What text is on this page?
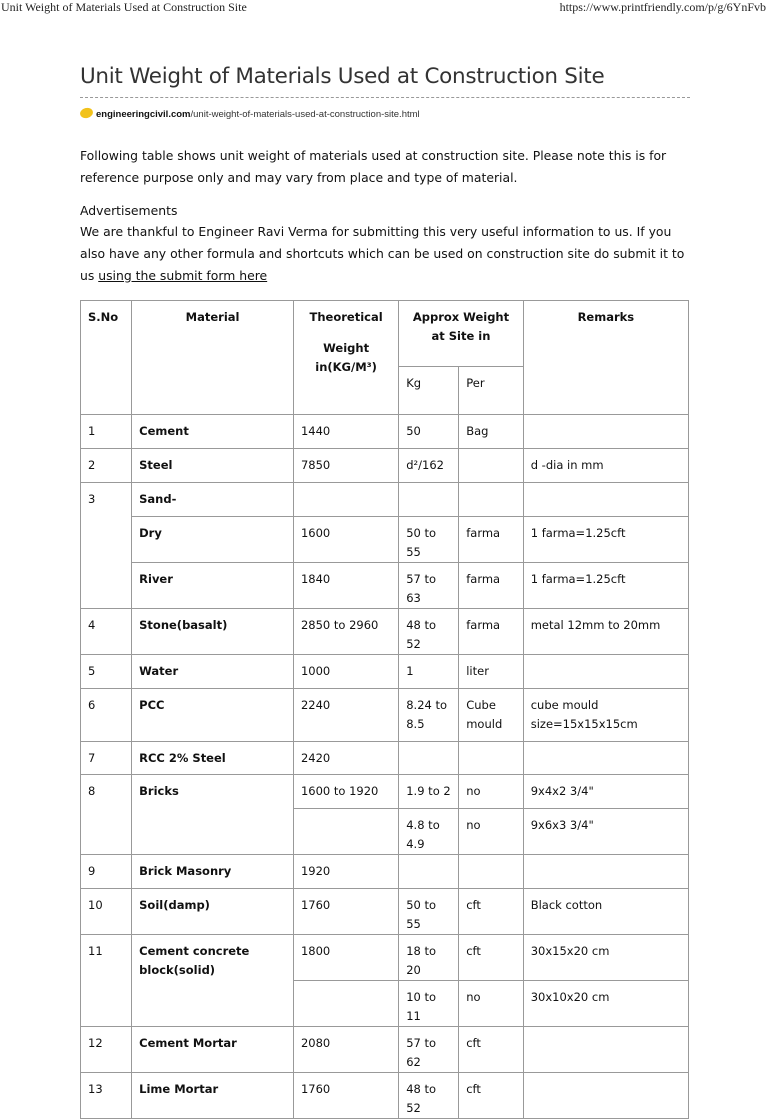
Unit Weight of Materials Used at Construction Site	https://www.printfriendly.com/p/g/6YnFvb
Unit Weight of Materials Used at Construction Site
engineeringcivil.com/unit-weight-of-materials-used-at-construction-site.html

Following table shows unit weight of materials used at construction site. Please note this is for reference purpose only and may vary from place and type of material.

Advertisements

We are thankful to Engineer Ravi Verma for submitting this very useful information to us. If you also have any other formula and shortcuts which can be used on construction site do submit it to us using the submit form here

S.No	Material	Theoretical
Weight in(KG/M³)	Approx Weight at Site in		Remarks
			Kg	Per	
1	Cement	1440	50	Bag	
2	Steel	7850	d²/162		d -dia in mm
3	Sand-				
	Dry	1600	50 to 55	farma	1 farma=1.25cft
	River	1840	57 to 63	farma	1 farma=1.25cft
4	Stone(basalt)	2850 to 2960	48 to 52	farma	metal 12mm to 20mm
5	Water	1000	1	liter	
6	PCC	2240	8.24 to 8.5	Cube mould	cube mould size=15x15x15cm
7	RCC 2% Steel	2420			
8	Bricks	1600 to 1920	1.9 to 2	no	9x4x2 3/4"
			4.8 to 4.9	no	9x6x3 3/4"
9	Brick Masonry	1920			
10	Soil(damp)	1760	50 to 55	cft	Black cotton
11	Cement concrete block(solid)	1800	18 to 20	cft	30x15x20 cm
			10 to 11	no	30x10x20 cm
12	Cement Mortar	2080	57 to 62	cft	
13	Lime Mortar	1760	48 to 52	cft	
